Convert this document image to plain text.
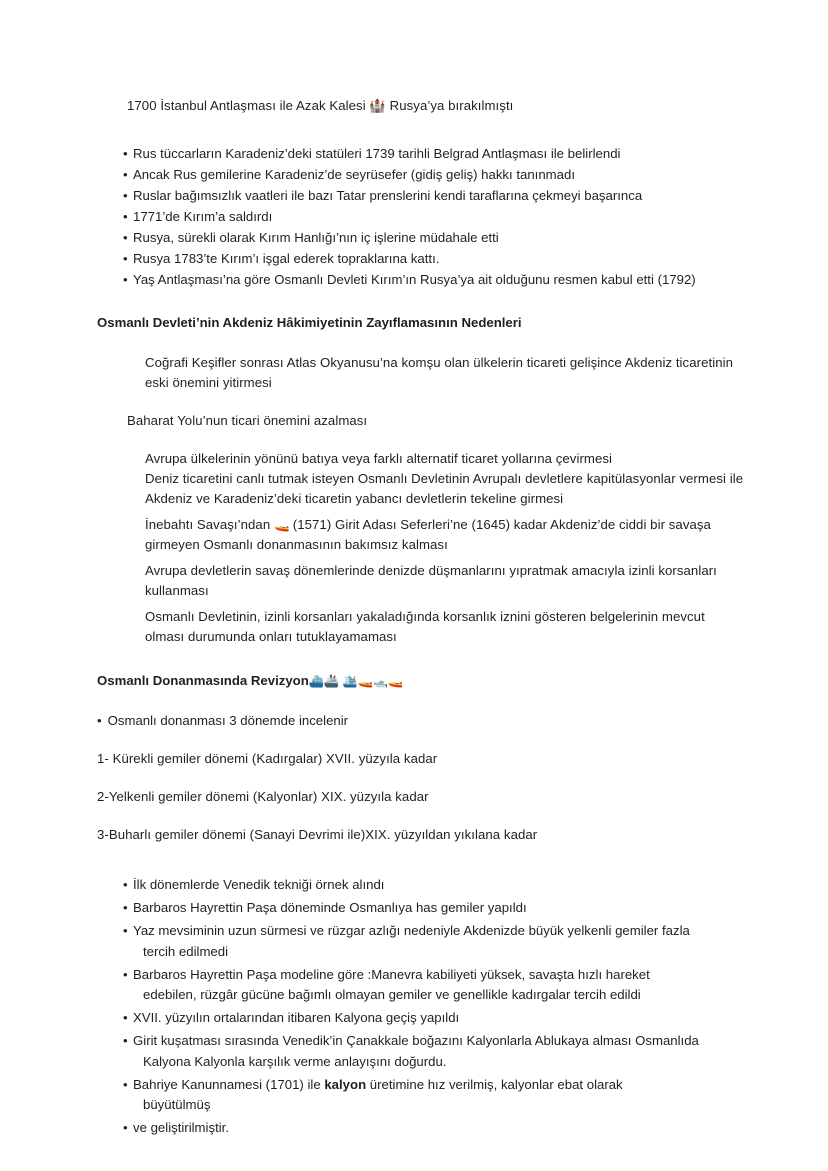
1700 İstanbul Antlaşması ile Azak Kalesi 🏰 Rusya’ya bırakılmıştı

• Rus tüccarların Karadeniz’deki statüleri 1739 tarihli Belgrad Antlaşması ile belirlendi
• Ancak Rus gemilerine Karadeniz’de seyrüsefer (gidiş geliş) hakkı tanınmadı
• Ruslar bağımsızlık vaatleri ile bazı Tatar prenslerini kendi taraflarına çekmeyi başarınca
• 1771’de Kırım’a saldırdı
• Rusya, sürekli olarak Kırım Hanlığı’nın iç işlerine müdahale etti
• Rusya 1783’te Kırım’ı işgal ederek topraklarına kattı.
• Yaş Antlaşması’na göre Osmanlı Devleti Kırım’ın Rusya’ya ait olduğunu resmen kabul etti (1792)
Osmanlı Devleti’nin Akdeniz Hâkimiyetinin Zayıflamasının Nedenleri

Coğrafi Keşifler sonrası Atlas Okyanusu’na komşu olan ülkelerin ticareti gelişince Akdeniz ticaretinin eski önemini yitirmesi

Baharat Yolu’nun ticari önemini azalması

Avrupa ülkelerinin yönünü batıya veya farklı alternatif ticaret yollarına çevirmesi

Deniz ticaretini canlı tutmak isteyen Osmanlı Devletinin Avrupalı devletlere kapitülasyonlar vermesi ile Akdeniz ve Karadeniz’deki ticaretin yabancı devletlerin tekeline girmesi

İnebahtı Savaşı’ndan 🚤 (1571) Girit Adası Seferleri’ne (1645) kadar Akdeniz’de ciddi bir savaşa girmeyen Osmanlı donanmasının bakımsız kalması

Avrupa devletlerin savaş dönemlerinde denizde düşmanlarını yıpratmak amacıyla izinli korsanları kullanması

Osmanlı Devletinin, izinli korsanları yakaladığında korsanlık iznini gösteren belgelerinin mevcut olması durumunda onları tutuklayamaması

Osmanlı Donanmasında Revizyon⛴️🚢 🛳️🚤🛥️🚤

• Osmanlı donanması 3 dönemde incelenir

1- Kürekli gemiler dönemi (Kadırgalar) XVII. yüzyıla kadar

2-Yelkenli gemiler dönemi (Kalyonlar) XIX. yüzyıla kadar

3-Buharlı gemiler dönemi (Sanayi Devrimi ile)XIX. yüzyıldan yıkılana kadar

• İlk dönemlerde Venedik tekniği örnek alındı
• Barbaros Hayrettin Paşa döneminde Osmanlıya has gemiler yapıldı
• Yaz mevsiminin uzun sürmesi ve rüzgar azlığı nedeniyle Akdenizde büyük yelkenli gemiler fazla
tercih edilmedi
• Barbaros Hayrettin Paşa modeline göre :Manevra kabiliyeti yüksek, savaşta hızlı hareket
edebilen, rüzgâr gücüne bağımlı olmayan gemiler ve genellikle kadırgalar tercih edildi
• XVII. yüzyılın ortalarından itibaren Kalyona geçiş yapıldı
• Girit kuşatması sırasında Venedik’in Çanakkale boğazını Kalyonlarla Ablukaya alması Osmanlıda
Kalyona Kalyonla karşılık verme anlayışını doğurdu.
• Bahriye Kanunnamesi (1701) ile kalyon üretimine hız verilmiş, kalyonlar ebat olarak
büyütülmüş
• ve geliştirilmiştir.
